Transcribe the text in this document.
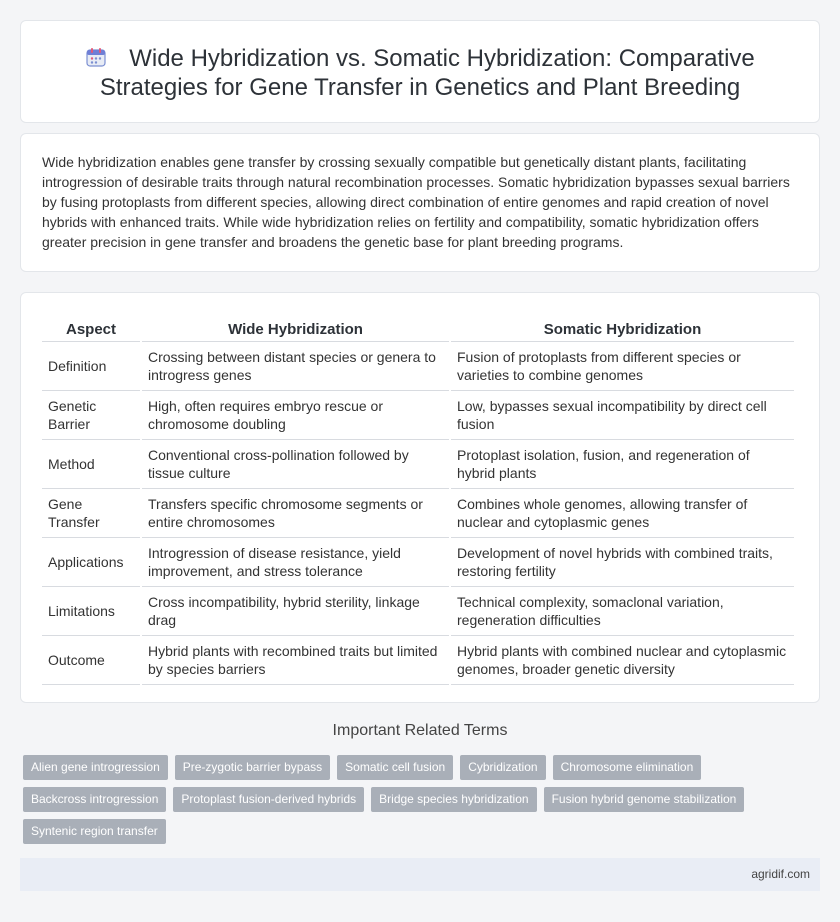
Wide Hybridization vs. Somatic Hybridization: Comparative
Strategies for Gene Transfer in Genetics and Plant Breeding

Wide hybridization enables gene transfer by crossing sexually compatible but genetically distant plants, facilitating introgression of desirable traits through natural recombination processes. Somatic hybridization bypasses sexual barriers by fusing protoplasts from different species, allowing direct combination of entire genomes and rapid creation of novel hybrids with enhanced traits. While wide hybridization relies on fertility and compatibility, somatic hybridization offers greater precision in gene transfer and broadens the genetic base for plant breeding programs.

Aspect	Wide Hybridization	Somatic Hybridization
Definition	Crossing between distant species or genera to introgress genes	Fusion of protoplasts from different species or varieties to combine genomes
Genetic Barrier	High, often requires embryo rescue or chromosome doubling	Low, bypasses sexual incompatibility by direct cell fusion
Method	Conventional cross-pollination followed by tissue culture	Protoplast isolation, fusion, and regeneration of hybrid plants
Gene Transfer	Transfers specific chromosome segments or entire chromosomes	Combines whole genomes, allowing transfer of nuclear and cytoplasmic genes
Applications	Introgression of disease resistance, yield improvement, and stress tolerance	Development of novel hybrids with combined traits, restoring fertility
Limitations	Cross incompatibility, hybrid sterility, linkage drag	Technical complexity, somaclonal variation, regeneration difficulties
Outcome	Hybrid plants with recombined traits but limited by species barriers	Hybrid plants with combined nuclear and cytoplasmic genomes, broader genetic diversity
Important Related Terms
Alien gene introgression	Pre-zygotic barrier bypass	Somatic cell fusion	Cybridization	Chromosome elimination
Backcross introgression	Protoplast fusion-derived hybrids	Bridge species hybridization	Fusion hybrid genome stabilization
Syntenic region transfer
agridif.com
